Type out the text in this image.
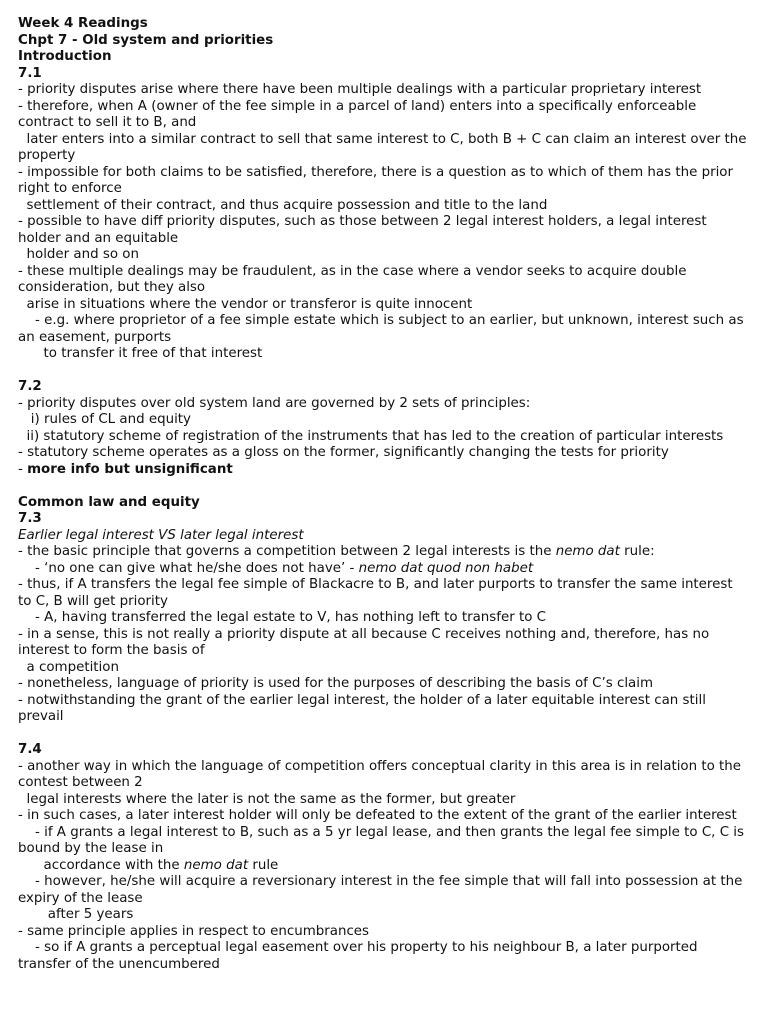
Week 4 Readings
Chpt 7 - Old system and priorities
Introduction
7.1
- priority disputes arise where there have been multiple dealings with a particular proprietary interest
- therefore, when A (owner of the fee simple in a parcel of land) enters into a specifically enforceable contract to sell it to B, and
later enters into a similar contract to sell that same interest to C, both B + C can claim an interest over the property
- impossible for both claims to be satisfied, therefore, there is a question as to which of them has the prior right to enforce
settlement of their contract, and thus acquire possession and title to the land
- possible to have diff priority disputes, such as those between 2 legal interest holders, a legal interest holder and an equitable
holder and so on
- these multiple dealings may be fraudulent, as in the case where a vendor seeks to acquire double consideration, but they also
arise in situations where the vendor or transferor is quite innocent
- e.g. where proprietor of a fee simple estate which is subject to an earlier, but unknown, interest such as an easement, purports
to transfer it free of that interest
7.2
- priority disputes over old system land are governed by 2 sets of principles:
i) rules of CL and equity
ii) statutory scheme of registration of the instruments that has led to the creation of particular interests
- statutory scheme operates as a gloss on the former, significantly changing the tests for priority
- more info but unsignificant
Common law and equity
7.3
Earlier legal interest VS later legal interest
- the basic principle that governs a competition between 2 legal interests is the nemo dat rule:
- ‘no one can give what he/she does not have’ - nemo dat quod non habet
- thus, if A transfers the legal fee simple of Blackacre to B, and later purports to transfer the same interest to C, B will get priority
- A, having transferred the legal estate to V, has nothing left to transfer to C
- in a sense, this is not really a priority dispute at all because C receives nothing and, therefore, has no interest to form the basis of
a competition
- nonetheless, language of priority is used for the purposes of describing the basis of C’s claim
- notwithstanding the grant of the earlier legal interest, the holder of a later equitable interest can still prevail
7.4
- another way in which the language of competition offers conceptual clarity in this area is in relation to the contest between 2
legal interests where the later is not the same as the former, but greater
- in such cases, a later interest holder will only be defeated to the extent of the grant of the earlier interest
- if A grants a legal interest to B, such as a 5 yr legal lease, and then grants the legal fee simple to C, C is bound by the lease in
accordance with the nemo dat rule
- however, he/she will acquire a reversionary interest in the fee simple that will fall into possession at the expiry of the lease
after 5 years
- same principle applies in respect to encumbrances
- so if A grants a perceptual legal easement over his property to his neighbour B, a later purported transfer of the unencumbered
